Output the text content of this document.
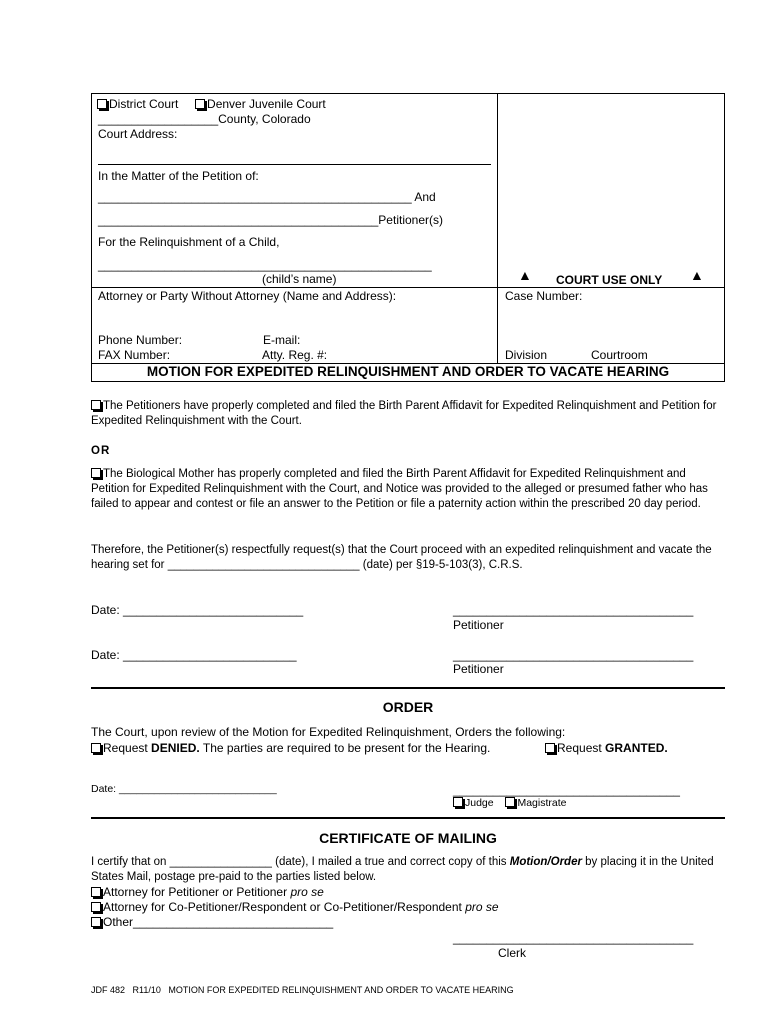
District Court Denver Juvenile Court
__________________County, Colorado
Court Address:
In the Matter of the Petition of:
_______________________________________________ And
__________________________________________Petitioner(s)
For the Relinquishment of a Child,
__________________________________________________
(child’s name)	▲ COURT USE ONLY ▲
Attorney or Party Without Attorney (Name and Address):	Case Number:
Phone Number:	E-mail:
FAX Number:	Atty. Reg. #:	Division	Courtroom
MOTION FOR EXPEDITED RELINQUISHMENT AND ORDER TO VACATE HEARING
The Petitioners have properly completed and filed the Birth Parent Affidavit for Expedited Relinquishment and Petition for Expedited Relinquishment with the Court.
OR
The Biological Mother has properly completed and filed the Birth Parent Affidavit for Expedited Relinquishment and Petition for Expedited Relinquishment with the Court, and Notice was provided to the alleged or presumed father who has failed to appear and contest or file an answer to the Petition or file a paternity action within the prescribed 20 day period.
Therefore, the Petitioner(s) respectfully request(s) that the Court proceed with an expedited relinquishment and vacate the hearing set for ______________________________ (date) per §19-5-103(3), C.R.S.
Date: ___________________________	____________________________________
Petitioner
Date: __________________________	____________________________________
Petitioner
ORDER
The Court, upon review of the Motion for Expedited Relinquishment, Orders the following:
Request DENIED. The parties are required to be present for the Hearing.	Request GRANTED.
Date: ___________________________	__________________________________
Judge Magistrate
CERTIFICATE OF MAILING
I certify that on ________________ (date), I mailed a true and correct copy of this Motion/Order by placing it in the United States Mail, postage pre-paid to the parties listed below.
Attorney for Petitioner or Petitioner pro se
Attorney for Co-Petitioner/Respondent or Co-Petitioner/Respondent pro se
Other______________________________
____________________________________
Clerk
JDF 482   R11/10   MOTION FOR EXPEDITED RELINQUISHMENT AND ORDER TO VACATE HEARING
